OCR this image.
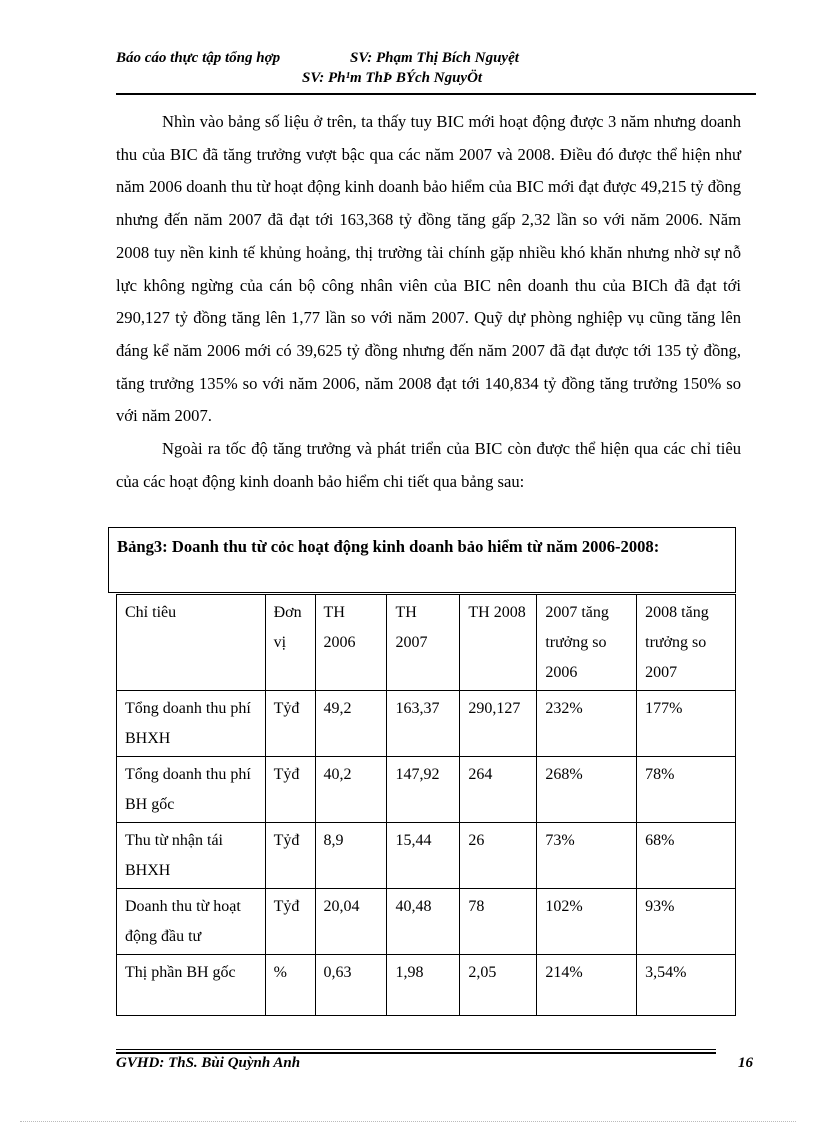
Báo cáo thực tập tổng hợp	SV: Phạm Thị Bích Nguyệt
SV: Ph¹m ThÞ BÝch NguyÖt

Nhìn vào bảng số liệu ở trên, ta thấy tuy BIC mới hoạt động được 3 năm nhưng doanh thu của BIC đã tăng trưởng vượt bậc qua các năm 2007 và 2008. Điều đó được thể hiện như năm 2006 doanh thu từ hoạt động kinh doanh bảo hiểm của BIC mới đạt được 49,215 tỷ đồng nhưng đến năm 2007 đã đạt tới 163,368 tỷ đồng tăng gấp 2,32 lần so với năm 2006. Năm 2008 tuy nền kinh tế khủng hoảng, thị trường tài chính gặp nhiều khó khăn nhưng nhờ sự nỗ lực không ngừng của cán bộ công nhân viên của BIC nên doanh thu của BICh đã đạt tới 290,127 tỷ đồng tăng lên 1,77 lần so với năm 2007. Quỹ dự phòng nghiệp vụ cũng tăng lên đáng kể năm 2006 mới có 39,625 tỷ đồng nhưng đến năm 2007 đã đạt được tới 135 tỷ đồng, tăng trưởng 135% so với năm 2006, năm 2008 đạt tới 140,834 tỷ đồng tăng trưởng 150% so với năm 2007.

Ngoài ra tốc độ tăng trưởng và phát triển của BIC còn được thể hiện qua các chỉ tiêu của các hoạt động kinh doanh bảo hiểm chi tiết qua bảng sau:

Bảng3: Doanh thu từ cỏc hoạt động kinh doanh bảo hiểm từ năm 2006-2008:
Chỉ tiêu	Đơn vị	TH 2006	TH 2007	TH 2008	2007 tăng trưởng so 2006	2008 tăng trưởng so 2007
Tổng doanh thu phí BHXH	Tỷđ	49,2	163,37	290,127	232%	177%
Tổng doanh thu phí BH gốc	Tỷđ	40,2	147,92	264	268%	78%
Thu từ nhận tái BHXH	Tỷđ	8,9	15,44	26	73%	68%
Doanh thu từ hoạt động đầu tư	Tỷđ	20,04	40,48	78	102%	93%
Thị phần BH gốc	%	0,63	1,98	2,05	214%	3,54%
GVHD: ThS. Bùi Quỳnh Anh	16
